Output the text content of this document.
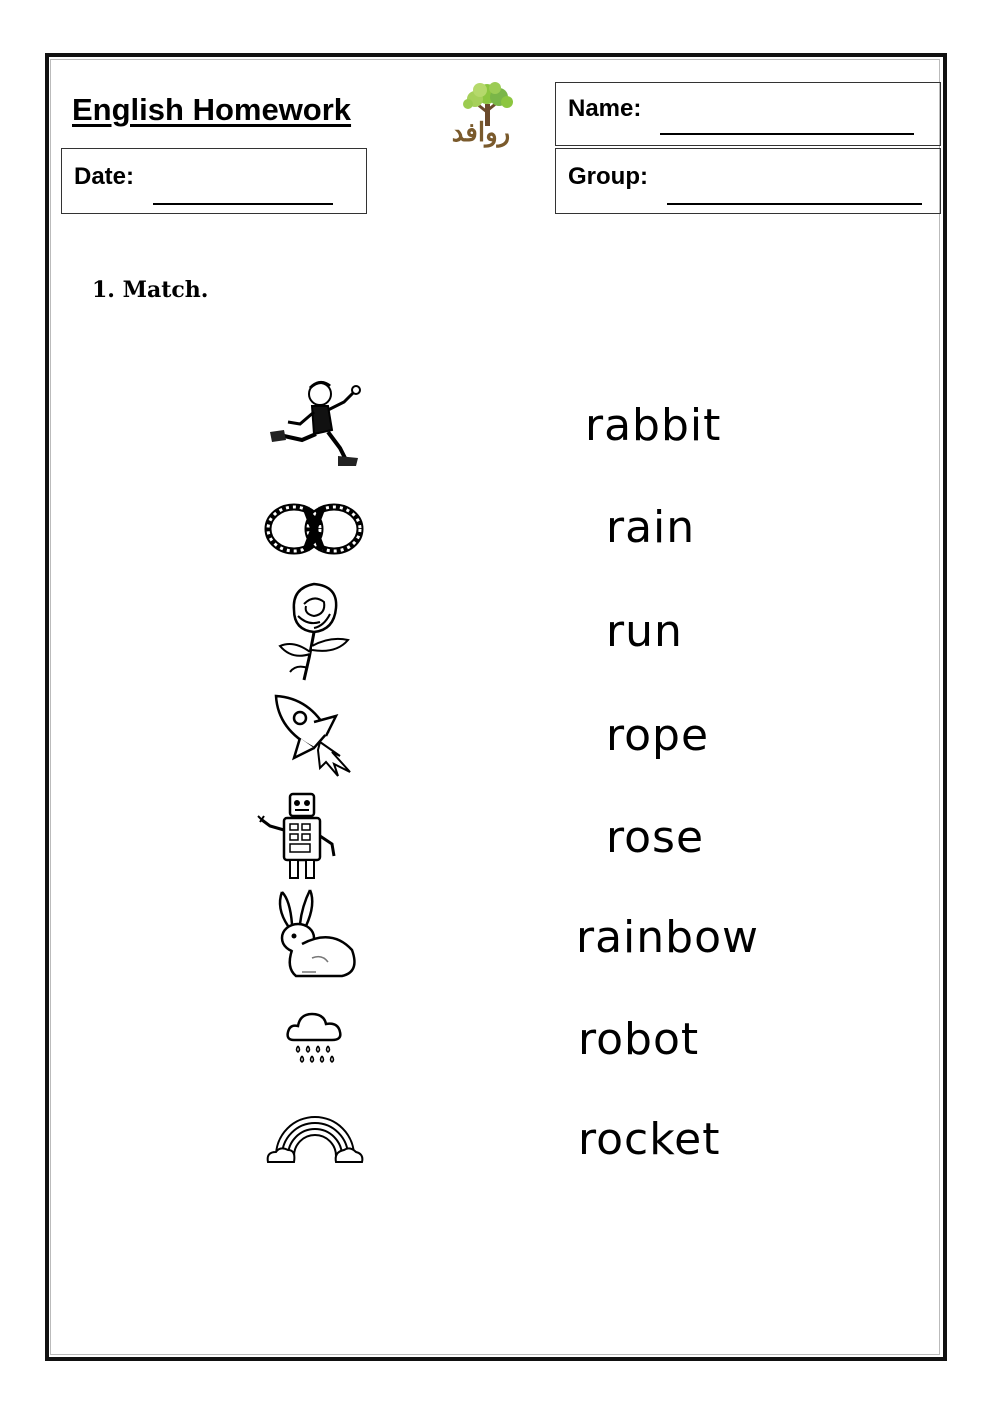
English Homework
روافد
Name:
Date:	Group:
1. Match.
rabbit
rain
run
rope
rose
rainbow
robot
rocket
